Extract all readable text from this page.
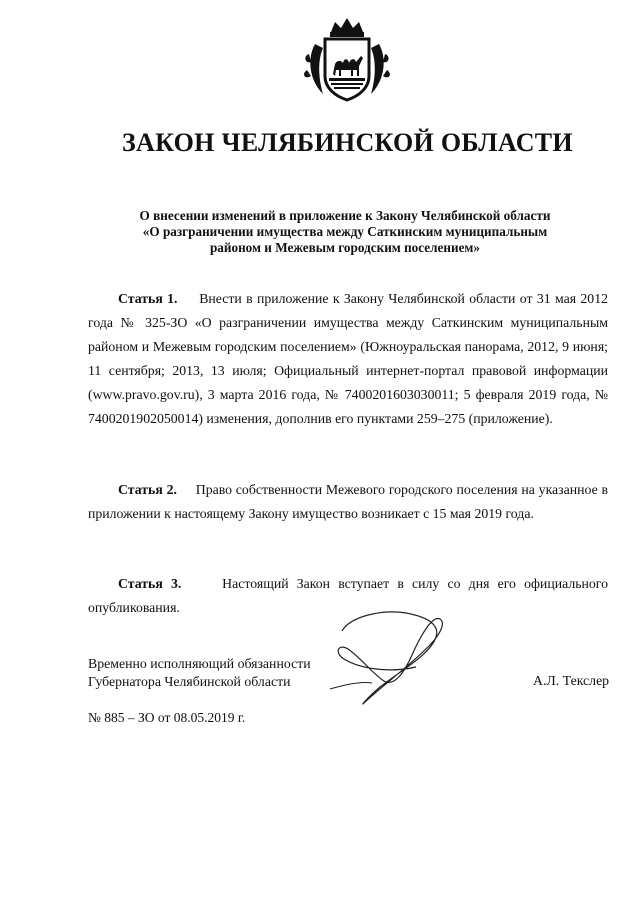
ЗАКОН ЧЕЛЯБИНСКОЙ ОБЛАСТИ
О внесении изменений в приложение к Закону Челябинской области
«О разграничении имущества между Саткинским муниципальным
районом и Межевым городским поселением»
Статья 1. Внести в приложение к Закону Челябинской области от 31 мая 2012 года № 325-ЗО «О разграничении имущества между Саткинским муниципальным районом и Межевым городским поселением» (Южноуральская панорама, 2012, 9 июня; 11 сентября; 2013, 13 июля; Официальный интернет-портал правовой информации (www.pravo.gov.ru), 3 марта 2016 года, № 7400201603030011; 5 февраля 2019 года, № 7400201902050014) изменения, дополнив его пунктами 259–275 (приложение).
Статья 2. Право собственности Межевого городского поселения на указанное в приложении к настоящему Закону имущество возникает с 15 мая 2019 года.
Статья 3.	Настоящий Закон вступает в силу со дня его официального опубликования.
Временно исполняющий обязанности
Губернатора Челябинской области	А.Л. Текслер
№ 885 – ЗО от 08.05.2019 г.
